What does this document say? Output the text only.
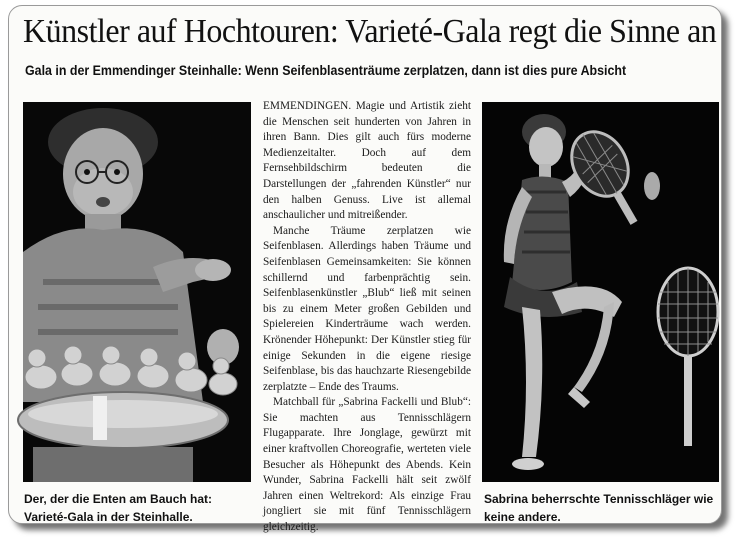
Künstler auf Hochtouren: Varieté-Gala regt die Sinne an
Gala in der Emmendinger Steinhalle: Wenn Seifenblasenträume zerplatzen, dann ist dies pure Absicht

EMMENDINGEN. Magie und Artistik zieht die Menschen seit hunderten von Jahren in ihren Bann. Dies gilt auch fürs moderne Medienzeitalter. Doch auf dem Fernsehbildschirm bedeuten die Darstellungen der „fahrenden Künstler“ nur den halben Genuss. Live ist allemal anschaulicher und mitreißender.

Manche Träume zerplatzen wie Seifenblasen. Allerdings haben Träume und Seifenblasen Gemeinsamkeiten: Sie können schillernd und farbenprächtig sein. Seifenblasenkünstler „Blub“ ließ mit seinen bis zu einem Meter großen Gebilden und Spielereien Kinderträume wach werden. Krönender Höhepunkt: Der Künstler stieg für einige Sekunden in die eigene riesige Seifenblase, bis das hauchzarte Riesengebilde zerplatzte – Ende des Traums.

Matchball für „Sabrina Fackelli und Blub“: Sie machten aus Tennisschlägern Flugapparate. Ihre Jonglage, gewürzt mit einer kraftvollen Choreografie, werteten viele Besucher als Höhepunkt des Abends. Kein Wunder, Sabrina Fackelli hält seit zwölf Jahren einen Weltrekord: Als einzige Frau jongliert sie mit fünf Tennisschlägern gleichzeitig.

Der, der die Enten am Bauch hat: Varieté-Gala in der Steinhalle.
Sabrina beherrschte Tennisschläger wie keine andere.
